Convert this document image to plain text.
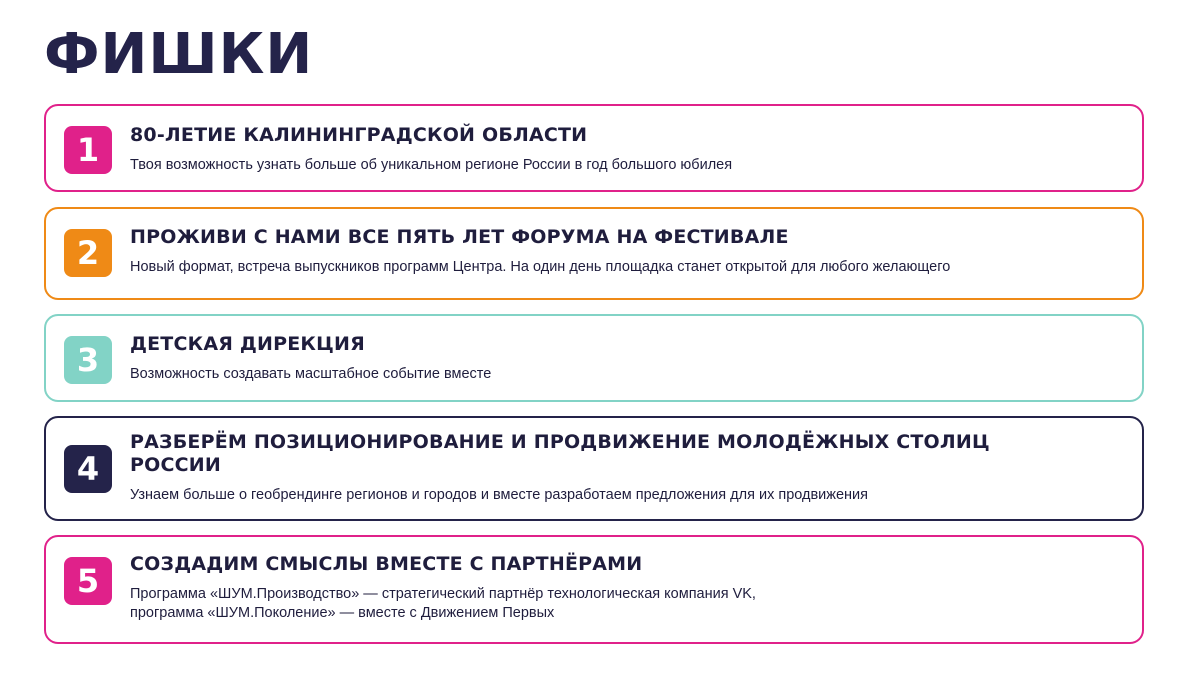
ФИШКИ
1	80-ЛЕТИЕ КАЛИНИНГРАДСКОЙ ОБЛАСТИ

Твоя возможность узнать больше об уникальном регионе России в год большого юбилея

2	ПРОЖИВИ С НАМИ ВСЕ ПЯТЬ ЛЕТ ФОРУМА НА ФЕСТИВАЛЕ

Новый формат, встреча выпускников программ Центра. На один день площадка станет открытой для любого желающего

3	ДЕТСКАЯ ДИРЕКЦИЯ

Возможность создавать масштабное событие вместе

4
РАЗБЕРЁМ ПОЗИЦИОНИРОВАНИЕ И ПРОДВИЖЕНИЕ МОЛОДЁЖНЫХ СТОЛИЦ РОССИИ

Узнаем больше о геобрендинге регионов и городов и вместе разработаем предложения для их продвижения

5	СОЗДАДИМ СМЫСЛЫ ВМЕСТЕ С ПАРТНЁРАМИ

Программа «ШУМ.Производство» — стратегический партнёр технологическая компания VK,
программа «ШУМ.Поколение» — вместе с Движением Первых
